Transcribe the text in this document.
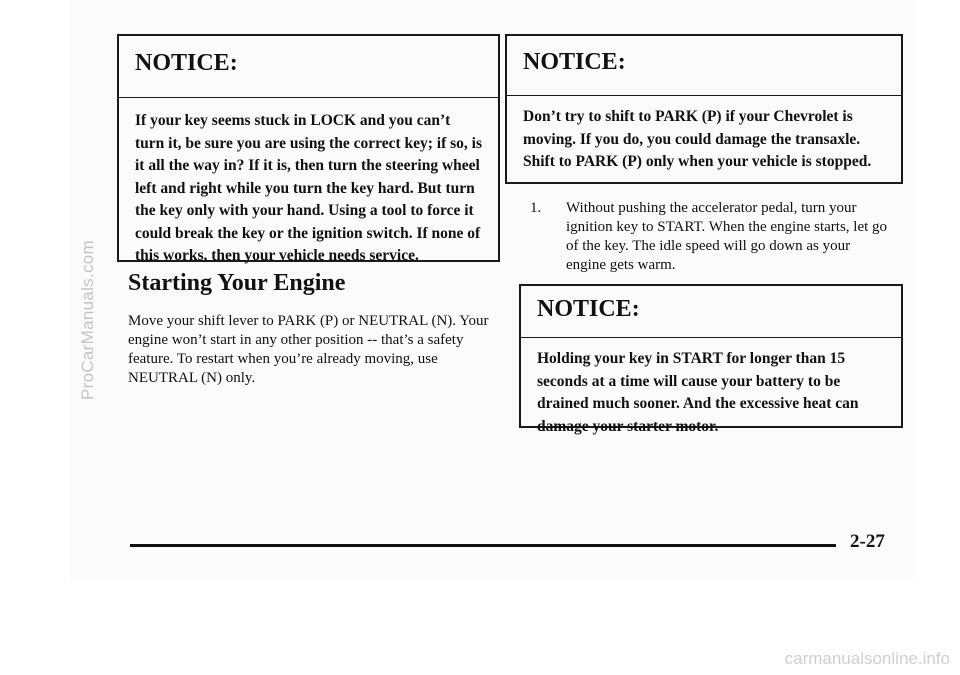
ProCarManuals.com
NOTICE:
If your key seems stuck in LOCK and you can’t turn it, be sure you are using the correct key; if so, is it all the way in? If it is, then turn the steering wheel left and right while you turn the key hard. But turn the key only with your hand. Using a tool to force it could break the key or the ignition switch. If none of this works, then your vehicle needs service.
Starting Your Engine
Move your shift lever to PARK (P) or NEUTRAL (N). Your engine won’t start in any other position -- that’s a safety feature. To restart when you’re already moving, use NEUTRAL (N) only.
NOTICE:
Don’t try to shift to PARK (P) if your Chevrolet is moving. If you do, you could damage the transaxle. Shift to PARK (P) only when your vehicle is stopped.
1. Without pushing the accelerator pedal, turn your ignition key to START. When the engine starts, let go of the key. The idle speed will go down as your engine gets warm.
NOTICE:
Holding your key in START for longer than 15 seconds at a time will cause your battery to be drained much sooner. And the excessive heat can damage your starter motor.
2-27
carmanualsonline.info
